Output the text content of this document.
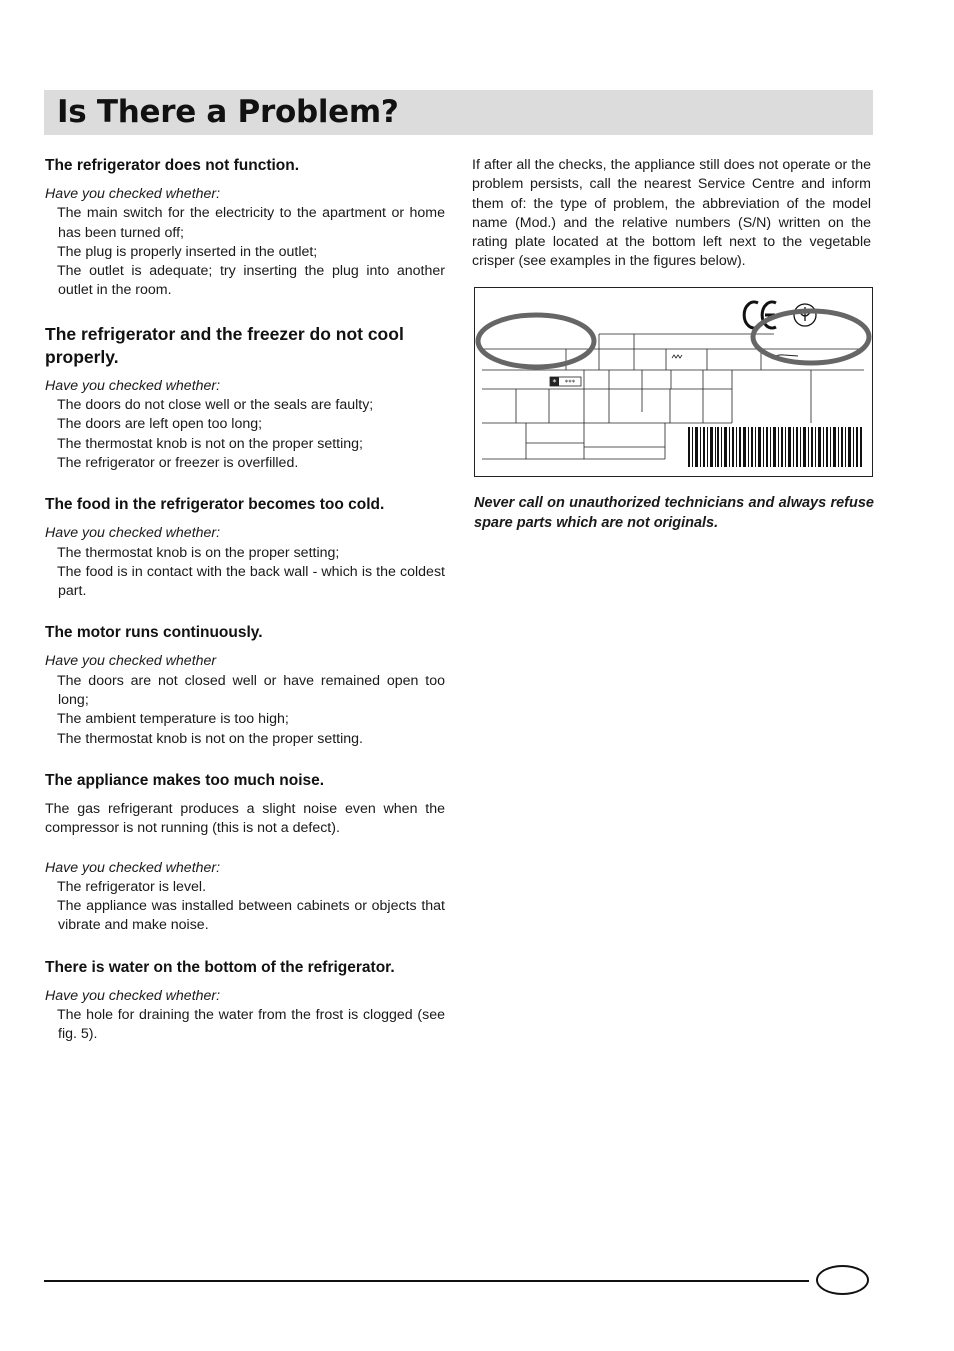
Is There a Problem?
The refrigerator does not function.

Have you checked whether:

The main switch for the electricity to the apartment or home has been turned off;
The plug is properly inserted in the outlet;
The outlet is adequate; try inserting the plug into another outlet in the room.
The refrigerator and the freezer do not cool properly.

Have you checked whether:

The doors do not close well or the seals are faulty;
The doors are left open too long;
The thermostat knob is not on the proper setting;
The refrigerator or freezer is overfilled.
The food in the refrigerator becomes too cold.

Have you checked whether:

The thermostat knob is on the proper setting;
The food is in contact with the back wall - which is the coldest part.
The motor runs continuously.

Have you checked whether

The doors are not closed well or have remained open too long;
The ambient temperature is too high;
The thermostat knob is not on the proper setting.
The appliance makes too much noise.

The gas refrigerant produces a slight noise even when the compressor is not running (this is not a defect).

Have you checked whether:

The refrigerator is level.
The appliance was installed between cabinets or objects that vibrate and make noise.
There is water on the bottom of the refrigerator.

Have you checked whether:

The hole for draining the water from the frost is clogged (see fig. 5).

If after all the checks, the appliance still does not operate or the problem persists, call the nearest Service Centre and inform them of: the type of problem, the abbreviation of the model name (Mod.) and the relative numbers (S/N) written on the rating plate located at the bottom left next to the vegetable crisper (see examples in the figures below).

* ***

Never call on unauthorized technicians and always refuse spare parts which are not originals.
